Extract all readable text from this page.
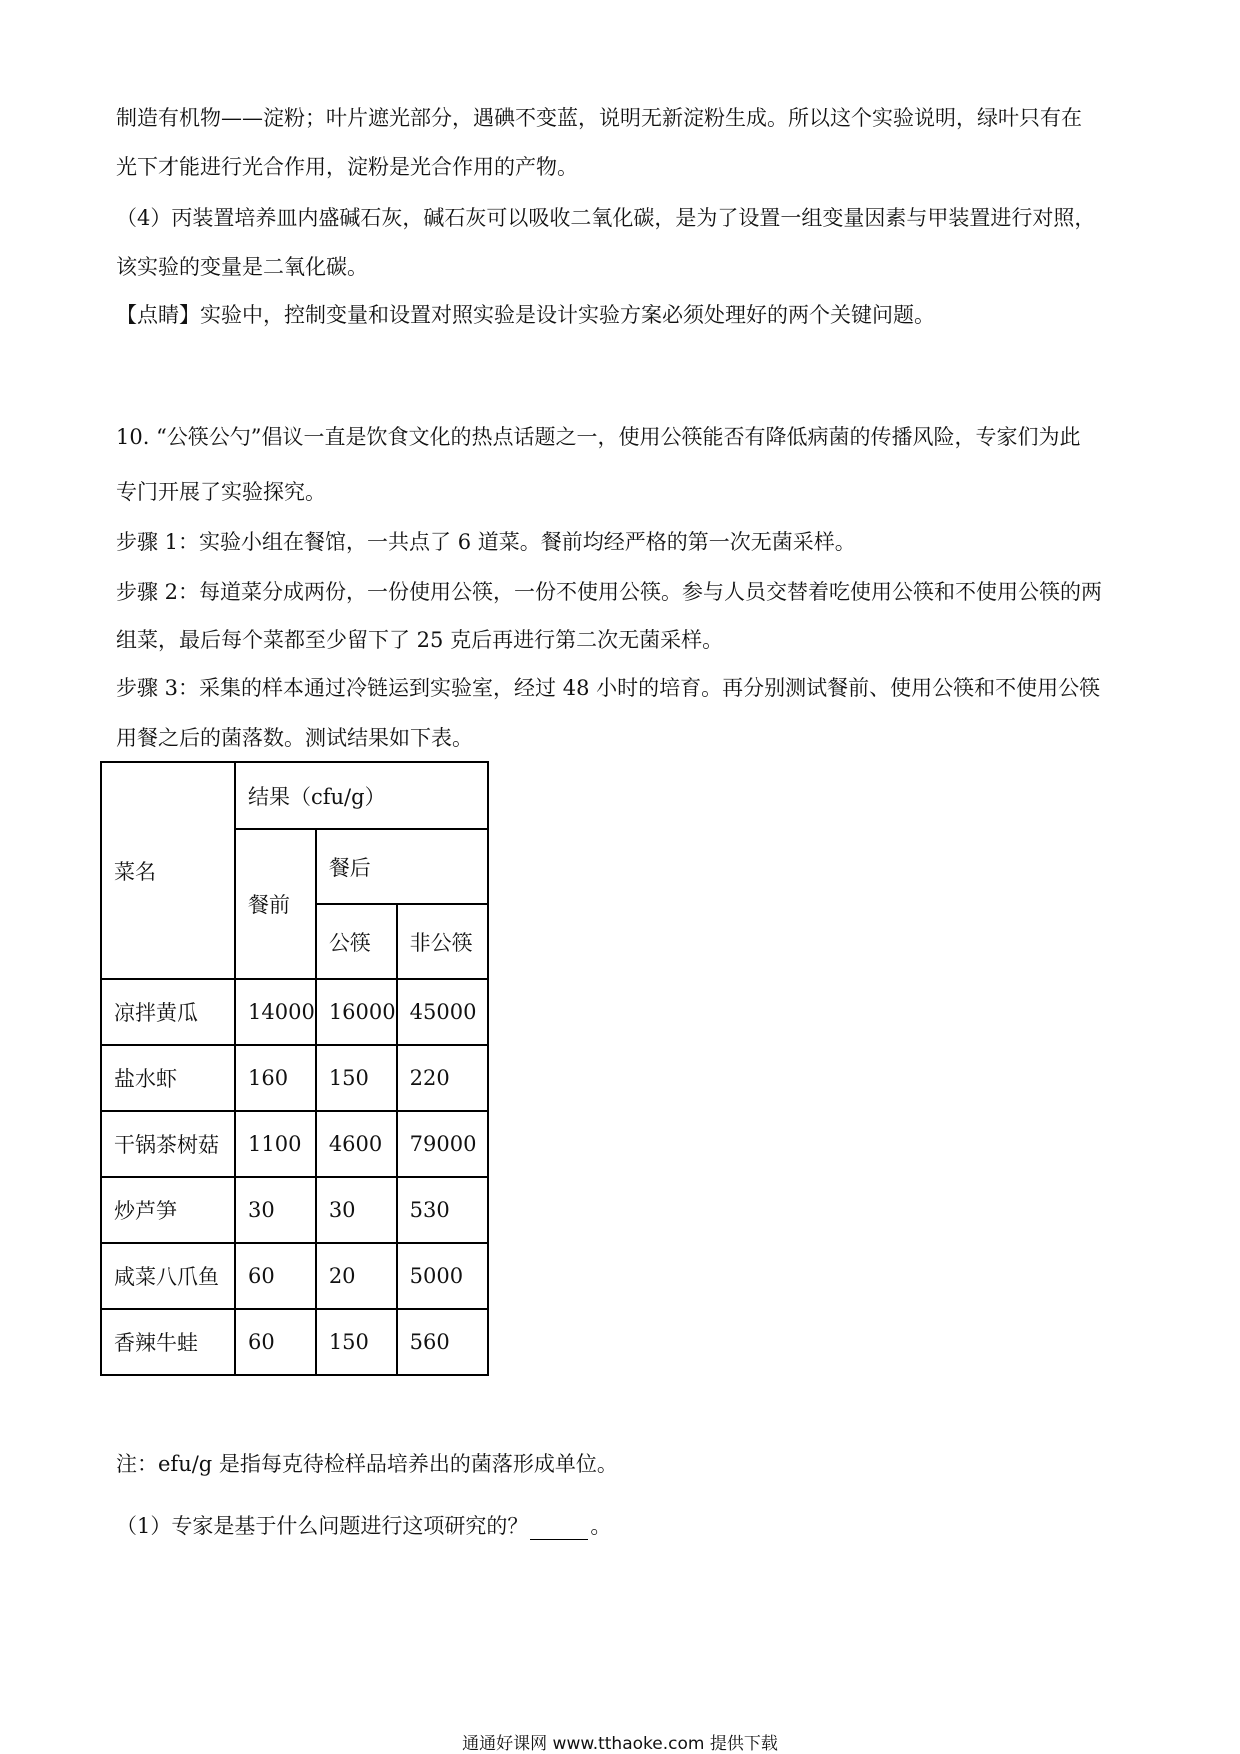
制造有机物——淀粉；叶片遮光部分，遇碘不变蓝，说明无新淀粉生成。所以这个实验说明，绿叶只有在
光下才能进行光合作用，淀粉是光合作用的产物。
（4）丙装置培养皿内盛碱石灰，碱石灰可以吸收二氧化碳，是为了设置一组变量因素与甲装置进行对照，
该实验的变量是二氧化碳。
【点睛】实验中，控制变量和设置对照实验是设计实验方案必须处理好的两个关键问题。
10. “公筷公勺”倡议一直是饮食文化的热点话题之一，使用公筷能否有降低病菌的传播风险，专家们为此
专门开展了实验探究。
步骤 1：实验小组在餐馆，一共点了 6 道菜。餐前均经严格的第一次无菌采样。
步骤 2：每道菜分成两份，一份使用公筷，一份不使用公筷。参与人员交替着吃使用公筷和不使用公筷的两
组菜，最后每个菜都至少留下了 25 克后再进行第二次无菌采样。
步骤 3：采集的样本通过冷链运到实验室，经过 48 小时的培育。再分别测试餐前、使用公筷和不使用公筷
用餐之后的菌落数。测试结果如下表。
菜名	结果（cfu/g）		
	餐前	餐后	
		公筷	非公筷
凉拌黄瓜	14000	16000	45000
盐水虾	160	150	220
干锅茶树菇	1100	4600	79000
炒芦笋	30	30	530
咸菜八爪鱼	60	20	5000
香辣牛蛙	60	150	560
注：efu/g 是指每克待检样品培养出的菌落形成单位。
（1）专家是基于什么问题进行这项研究的？	。
通通好课网 www.tthaoke.com 提供下载
